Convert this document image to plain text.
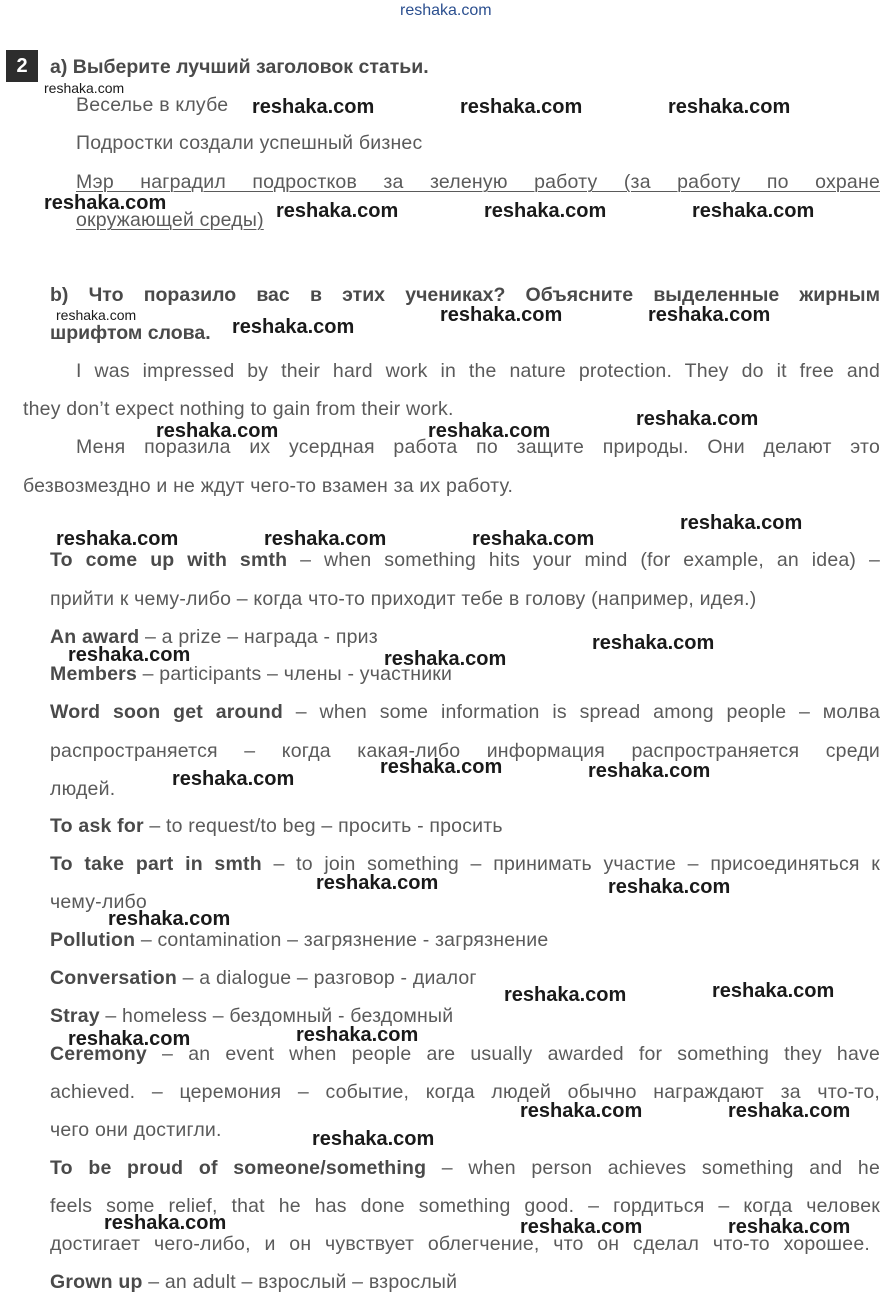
reshaka.com
2	a) Выберите лучший заголовок статьи.
Веселье в клубе
Подростки создали успешный бизнес
Мэр наградил подростков за зеленую работу (за работу по охране
окружающей среды)
b) Что поразило вас в этих учениках? Объясните выделенные жирным
шрифтом слова.
I was impressed by their hard work in the nature protection. They do it free and
they don’t expect nothing to gain from their work.
Меня поразила их усердная работа по защите природы. Они делают это
безвозмездно и не ждут чего-то взамен за их работу.
To come up with smth – when something hits your mind (for example, an idea) –
прийти к чему-либо – когда что-то приходит тебе в голову (например, идея.)
An award – a prize – награда - приз
Members – participants – члены - участники
Word soon get around – when some information is spread among people – молва
распространяется – когда какая-либо информация распространяется среди
людей.
To ask for – to request/to beg – просить - просить
To take part in smth – to join something – принимать участие – присоединяться к
чему-либо
Pollution – contamination – загрязнение - загрязнение
Conversation – a dialogue – разговор - диалог
Stray – homeless – бездомный - бездомный
Ceremony – an event when people are usually awarded for something they have
achieved. – церемония – событие, когда людей обычно награждают за что-то,
чего они достигли.
To be proud of someone/something – when person achieves something and he
feels some relief, that he has done something good. – гордиться – когда человек
достигает чего-либо, и он чувствует облегчение, что он сделал что-то хорошее.
Grown up – an adult – взрослый – взрослый
reshaka.com
reshaka.com	reshaka.com	reshaka.com
reshaka.com	reshaka.com	reshaka.com	reshaka.com
reshaka.com
reshaka.com
reshaka.com	reshaka.com
reshaka.com
reshaka.com	reshaka.com
reshaka.com
reshaka.com	reshaka.com	reshaka.com
reshaka.com
reshaka.com	reshaka.com
reshaka.com
reshaka.com	reshaka.com
reshaka.com	reshaka.com
reshaka.com
reshaka.com
reshaka.com
reshaka.com
reshaka.com
reshaka.com	reshaka.com
reshaka.com
reshaka.com	reshaka.com	reshaka.com
